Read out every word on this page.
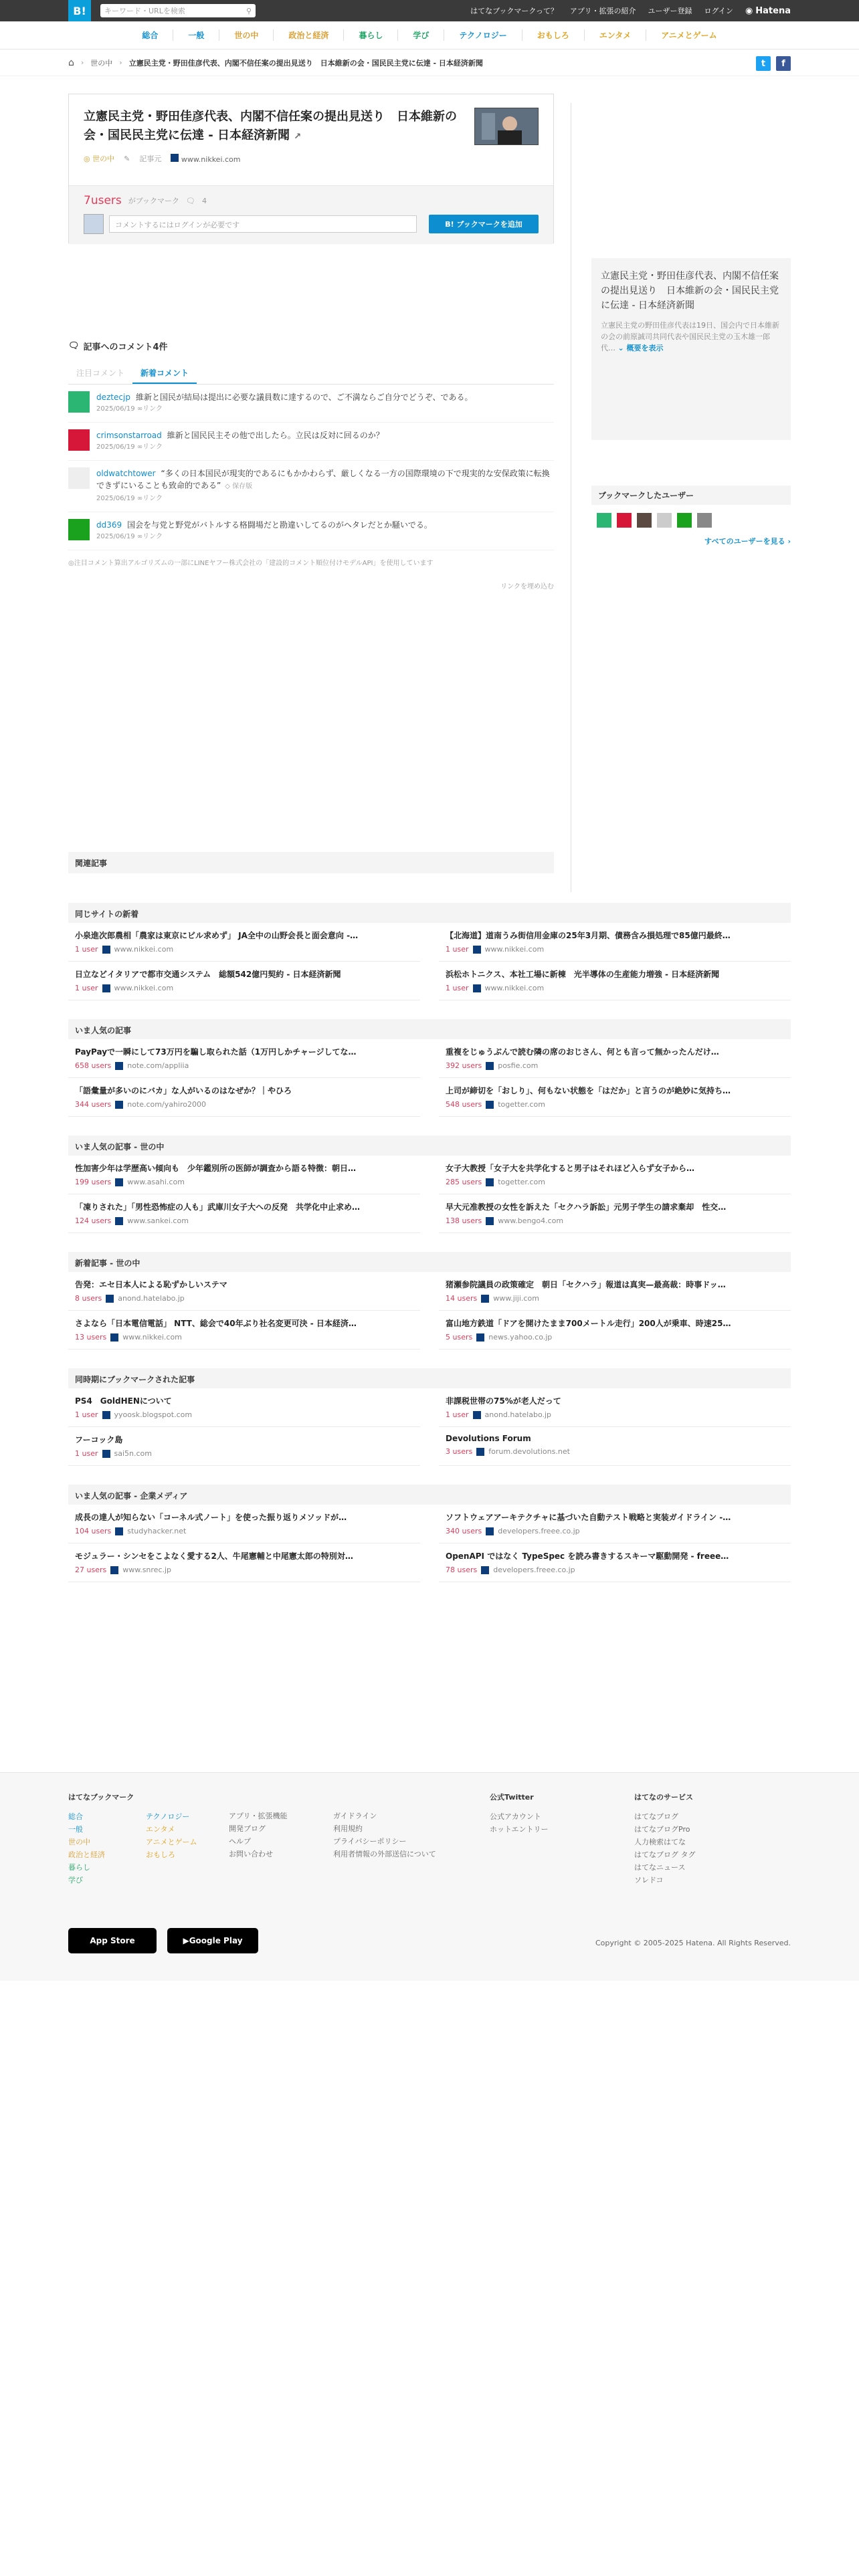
B!	キーワード・URLを検索	⚲	はてなブックマークって？ アプリ・拡張の紹介 ユーザー登録 ログイン ◉ Hatena
総合	一般	世の中	政治と経済	暮らし	学び	テクノロジー	おもしろ	エンタメ	アニメとゲーム
⌂ › 世の中 › 立憲民主党・野田佳彦代表、内閣不信任案の提出見送り　日本維新の会・国民民主党に伝達 - 日本経済新聞	t	f
立憲民主党・野田佳彦代表、内閣不信任案の提出見送り　日本維新の会・国民民主党に伝達 - 日本経済新聞 ↗
◎ 世の中 ✎ 記事元	www.nikkei.com
7users がブックマーク 🗨 4
コメントするにはログインが必要です	B! ブックマークを追加
立憲民主党・野田佳彦代表、内閣不信任案の提出見送り　日本維新の会・国民民主党に伝達 - 日本経済新聞

立憲民主党の野田佳彦代表は19日、国会内で日本維新の会の前原誠司共同代表や国民民主党の玉木雄一郎代… ⌄ 概要を表示

ブックマークしたユーザー
すべてのユーザーを見る ›
🗨 記事へのコメント4件
注目コメント	新着コメント
deztecjp 維新と国民が結局は提出に必要な議員数に達するので、ご不満ならご自分でどうぞ、である。
2025/06/19 ∞リンク
crimsonstarroad 維新と国民民主その他で出したら。立民は反対に回るのか？
2025/06/19 ∞リンク
oldwatchtower “多くの日本国民が現実的であるにもかかわらず、厳しくなる一方の国際環境の下で現実的な安保政策に転換できずにいることも致命的である” ◇ 保存版
2025/06/19 ∞リンク
dd369 国会を与党と野党がバトルする格闘場だと勘違いしてるのがヘタレだとか騒いでる。
2025/06/19 ∞リンク
◎注目コメント算出アルゴリズムの一部にLINEヤフー株式会社の「建設的コメント順位付けモデルAPI」を使用しています
リンクを埋め込む
関連記事
同じサイトの新着
小泉進次郎農相「農家は東京にビル求めず」 JA全中の山野会長と面会意向 -…
1 user www.nikkei.com
【北海道】道南うみ街信用金庫の25年3月期、債務含み損処理で85億円最終…
1 user www.nikkei.com
日立などイタリアで都市交通システム　総額542億円契約 - 日本経済新聞
1 user www.nikkei.com
浜松ホトニクス、本社工場に新棟　光半導体の生産能力増強 - 日本経済新聞
1 user www.nikkei.com
いま人気の記事
PayPayで一瞬にして73万円を騙し取られた話（1万円しかチャージしてな…
658 users note.com/appliia
重複をじゅうぶんで読む隣の席のおじさん、何とも言って無かったんだけ…
392 users posfie.com
「語彙量が多いのにバカ」な人がいるのはなぜか？｜やひろ
344 users note.com/yahiro2000
上司が締切を「おしり」、何もない状態を「はだか」と言うのが絶妙に気持ち…
548 users togetter.com
いま人気の記事 - 世の中
性加害少年は学歴高い傾向も　少年鑑別所の医師が調査から語る特徴：朝日…
199 users www.asahi.com
女子大教授「女子大を共学化すると男子はそれほど入らず女子から…
285 users togetter.com
「凍りされた」「男性恐怖症の人も」武庫川女子大への反発　共学化中止求め…
124 users www.sankei.com
早大元准教授の女性を訴えた「セクハラ訴訟」元男子学生の請求棄却　性交…
138 users www.bengo4.com
新着記事 - 世の中
告発：エセ日本人による恥ずかしいステマ
8 users anond.hatelabo.jp
猪瀬参院議員の政策確定　朝日「セクハラ」報道は真実—最高裁：時事ドッ…
14 users www.jiji.com
さよなら「日本電信電話」 NTT、総会で40年ぶり社名変更可決 - 日本経済…
13 users www.nikkei.com
富山地方鉄道「ドアを開けたまま700メートル走行」200人が乗車、時速25…
5 users news.yahoo.co.jp
同時期にブックマークされた記事
PS4　GoldHENについて
1 user yyoosk.blogspot.com
非課税世帯の75%が老人だって
1 user anond.hatelabo.jp
フーコック島
1 user sai5n.com
Devolutions Forum
3 users forum.devolutions.net
いま人気の記事 - 企業メディア
成長の達人が知らない「コーネル式ノート」を使った振り返りメソッドが…
104 users studyhacker.net
ソフトウェアアーキテクチャに基づいた自動テスト戦略と実装ガイドライン -…
340 users developers.freee.co.jp
モジュラー・シンセをこよなく愛する2人、牛尾憲輔と中尾憲太郎の特別対…
27 users www.snrec.jp
OpenAPI ではなく TypeSpec を読み書きするスキーマ駆動開発 - freee…
78 users developers.freee.co.jp
はてなブックマーク
総合
一般
世の中
政治と経済
暮らし
学び
テクノロジー
エンタメ
アニメとゲーム
おもしろ
アプリ・拡張機能
開発ブログ
ヘルプ
お問い合わせ
ガイドライン
利用規約
プライバシーポリシー
利用者情報の外部送信について
公式Twitter
公式アカウント
ホットエントリー
はてなのサービス
はてなブログ
はてなブログPro
人力検索はてな
はてなブログ タグ
はてなニュース
ソレドコ
App Store	▶ Google Play	Copyright © 2005-2025 Hatena. All Rights Reserved.
